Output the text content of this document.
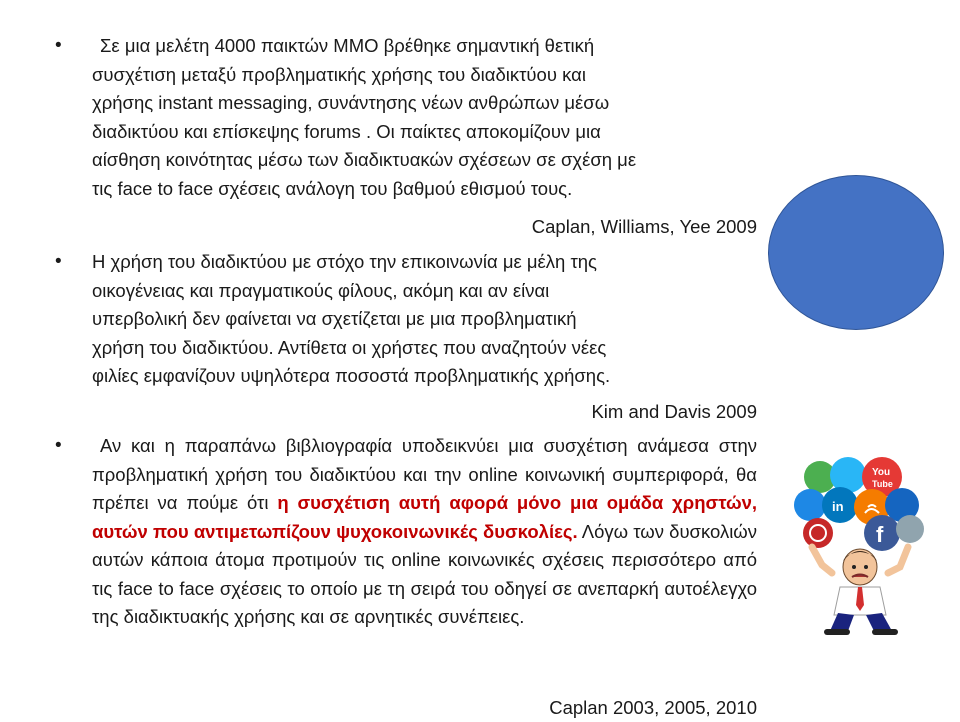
•	Σε μια μελέτη 4000 παικτών MMO βρέθηκε σημαντική θετική
συσχέτιση μεταξύ προβληματικής χρήσης του διαδικτύου και
χρήσης instant messaging, συνάντησης νέων ανθρώπων μέσω
διαδικτύου και επίσκεψης forums . Οι παίκτες αποκομίζουν μια
αίσθηση κοινότητας μέσω των διαδικτυακών σχέσεων σε σχέση με
τις face to face σχέσεις ανάλογη του βαθμού εθισμού τους.
Caplan, Williams, Yee 2009
• Η χρήση του διαδικτύου με στόχο την επικοινωνία με μέλη της
οικογένειας και πραγματικούς φίλους, ακόμη και αν είναι
υπερβολική δεν φαίνεται να σχετίζεται με μια προβληματική
χρήση του διαδικτύου. Αντίθετα οι χρήστες που αναζητούν νέες
φιλίες εμφανίζουν υψηλότερα ποσοστά προβληματικής χρήσης.
Kim and Davis 2009
•	Αν και η παραπάνω βιβλιογραφία υποδεικνύει μια συσχέτιση ανάμεσα στην προβληματική χρήση του διαδικτύου και την online κοινωνική συμπεριφορά, θα πρέπει να πούμε ότι η συσχέτιση αυτή αφορά μόνο μια ομάδα χρηστών, αυτών που αντιμετωπίζουν ψυχοκοινωνικές δυσκολίες. Λόγω των δυσκολιών αυτών κάποια άτομα προτιμούν τις online κοινωνικές σχέσεις περισσότερο από τις face to face σχέσεις το οποίο με τη σειρά του οδηγεί σε ανεπαρκή αυτοέλεγχο της διαδικτυακής χρήσης και σε αρνητικές συνέπειες.
Caplan 2003, 2005, 2010
You
Tube
f
in
